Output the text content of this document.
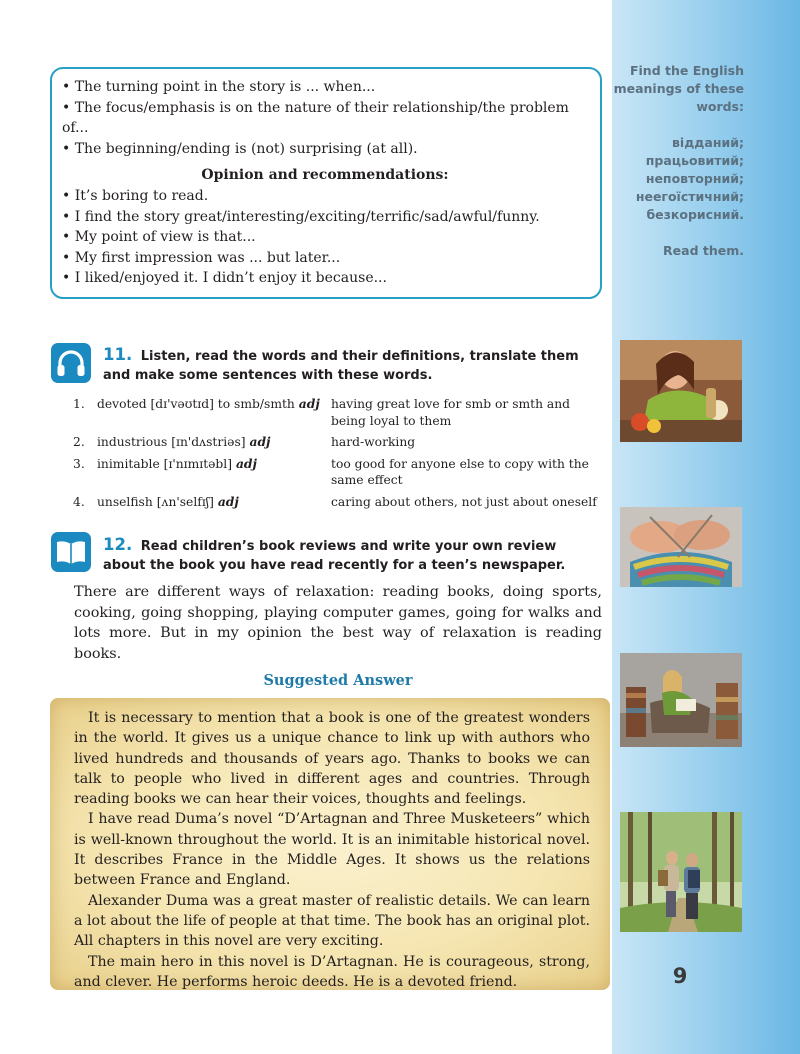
Find the English
meanings of these
words:
відданий;
працьовитий;
неповторний;
неегоїстичний;
безкорисний.
Read them.
9
• The turning point in the story is ... when...
• The focus/emphasis is on the nature of their relationship/the problem of...
• The beginning/ending is (not) surprising (at all).
Opinion and recommendations:
• It’s boring to read.
• I find the story great/interesting/exciting/terrific/sad/awful/funny.
• My point of view is that...
• My first impression was ... but later...
• I liked/enjoyed it. I didn’t enjoy it because...
11. Listen, read the words and their definitions, translate them and make some sentences with these words.
1.	devoted [dɪ'vəʊtɪd] to smb/smth adj	having great love for smb or smth and being loyal to them
2.	industrious [ɪn'dʌstriəs] adj	hard-working
3.	inimitable [ɪ'nɪmɪtəbl] adj	too good for anyone else to copy with the same effect
4.	unselfish [ʌn'selfɪʃ] adj	caring about others, not just about oneself
12. Read children’s book reviews and write your own review about the book you have read recently for a teen’s newspaper.
There are different ways of relaxation: reading books, doing sports, cooking, going shopping, playing computer games, going for walks and lots more. But in my opinion the best way of relaxation is reading books.
Suggested Answer

It is necessary to mention that a book is one of the greatest wonders in the world. It gives us a unique chance to link up with authors who lived hundreds and thousands of years ago. Thanks to books we can talk to people who lived in different ages and countries. Through reading books we can hear their voices, thoughts and feelings.

I have read Duma’s novel “D’Artagnan and Three Musketeers” which is well-known throughout the world. It is an inimitable historical novel. It describes France in the Middle Ages. It shows us the relations between France and England.

Alexander Duma was a great master of realistic details. We can learn a lot about the life of people at that time. The book has an original plot. All chapters in this novel are very exciting.

The main hero in this novel is D’Artagnan. He is courageous, strong, and clever. He performs heroic deeds. He is a devoted friend.
